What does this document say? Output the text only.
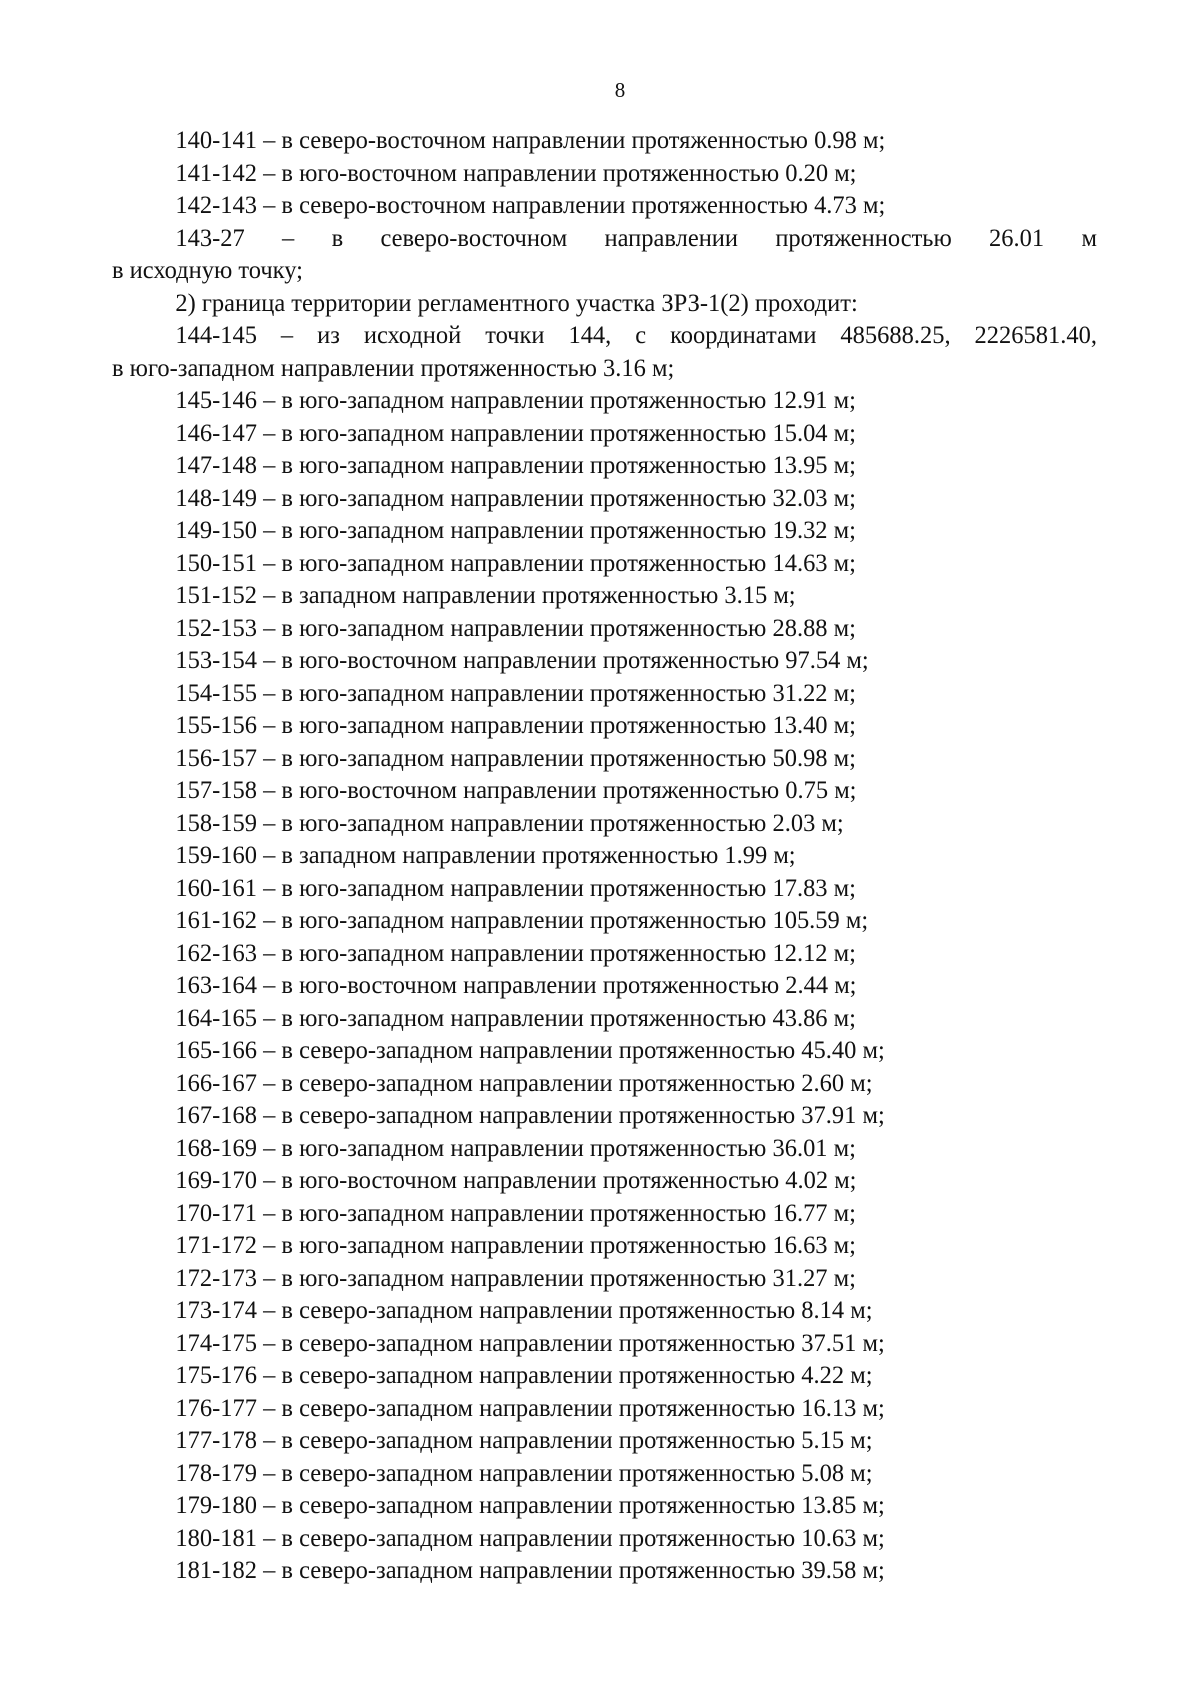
8
140-141 – в северо-восточном направлении протяженностью 0.98 м;
141-142 – в юго-восточном направлении протяженностью 0.20 м;
142-143 – в северо-восточном направлении протяженностью 4.73 м;
143-27 – в северо-восточном направлении протяженностью 26.01 м
в исходную точку;
2) граница территории регламентного участка ЗРЗ-1(2) проходит:
144-145 – из исходной точки 144, с координатами 485688.25, 2226581.40,
в юго-западном направлении протяженностью 3.16 м;
145-146 – в юго-западном направлении протяженностью 12.91 м;
146-147 – в юго-западном направлении протяженностью 15.04 м;
147-148 – в юго-западном направлении протяженностью 13.95 м;
148-149 – в юго-западном направлении протяженностью 32.03 м;
149-150 – в юго-западном направлении протяженностью 19.32 м;
150-151 – в юго-западном направлении протяженностью 14.63 м;
151-152 – в западном направлении протяженностью 3.15 м;
152-153 – в юго-западном направлении протяженностью 28.88 м;
153-154 – в юго-восточном направлении протяженностью 97.54 м;
154-155 – в юго-западном направлении протяженностью 31.22 м;
155-156 – в юго-западном направлении протяженностью 13.40 м;
156-157 – в юго-западном направлении протяженностью 50.98 м;
157-158 – в юго-восточном направлении протяженностью 0.75 м;
158-159 – в юго-западном направлении протяженностью 2.03 м;
159-160 – в западном направлении протяженностью 1.99 м;
160-161 – в юго-западном направлении протяженностью 17.83 м;
161-162 – в юго-западном направлении протяженностью 105.59 м;
162-163 – в юго-западном направлении протяженностью 12.12 м;
163-164 – в юго-восточном направлении протяженностью 2.44 м;
164-165 – в юго-западном направлении протяженностью 43.86 м;
165-166 – в северо-западном направлении протяженностью 45.40 м;
166-167 – в северо-западном направлении протяженностью 2.60 м;
167-168 – в северо-западном направлении протяженностью 37.91 м;
168-169 – в юго-западном направлении протяженностью 36.01 м;
169-170 – в юго-восточном направлении протяженностью 4.02 м;
170-171 – в юго-западном направлении протяженностью 16.77 м;
171-172 – в юго-западном направлении протяженностью 16.63 м;
172-173 – в юго-западном направлении протяженностью 31.27 м;
173-174 – в северо-западном направлении протяженностью 8.14 м;
174-175 – в северо-западном направлении протяженностью 37.51 м;
175-176 – в северо-западном направлении протяженностью 4.22 м;
176-177 – в северо-западном направлении протяженностью 16.13 м;
177-178 – в северо-западном направлении протяженностью 5.15 м;
178-179 – в северо-западном направлении протяженностью 5.08 м;
179-180 – в северо-западном направлении протяженностью 13.85 м;
180-181 – в северо-западном направлении протяженностью 10.63 м;
181-182 – в северо-западном направлении протяженностью 39.58 м;
